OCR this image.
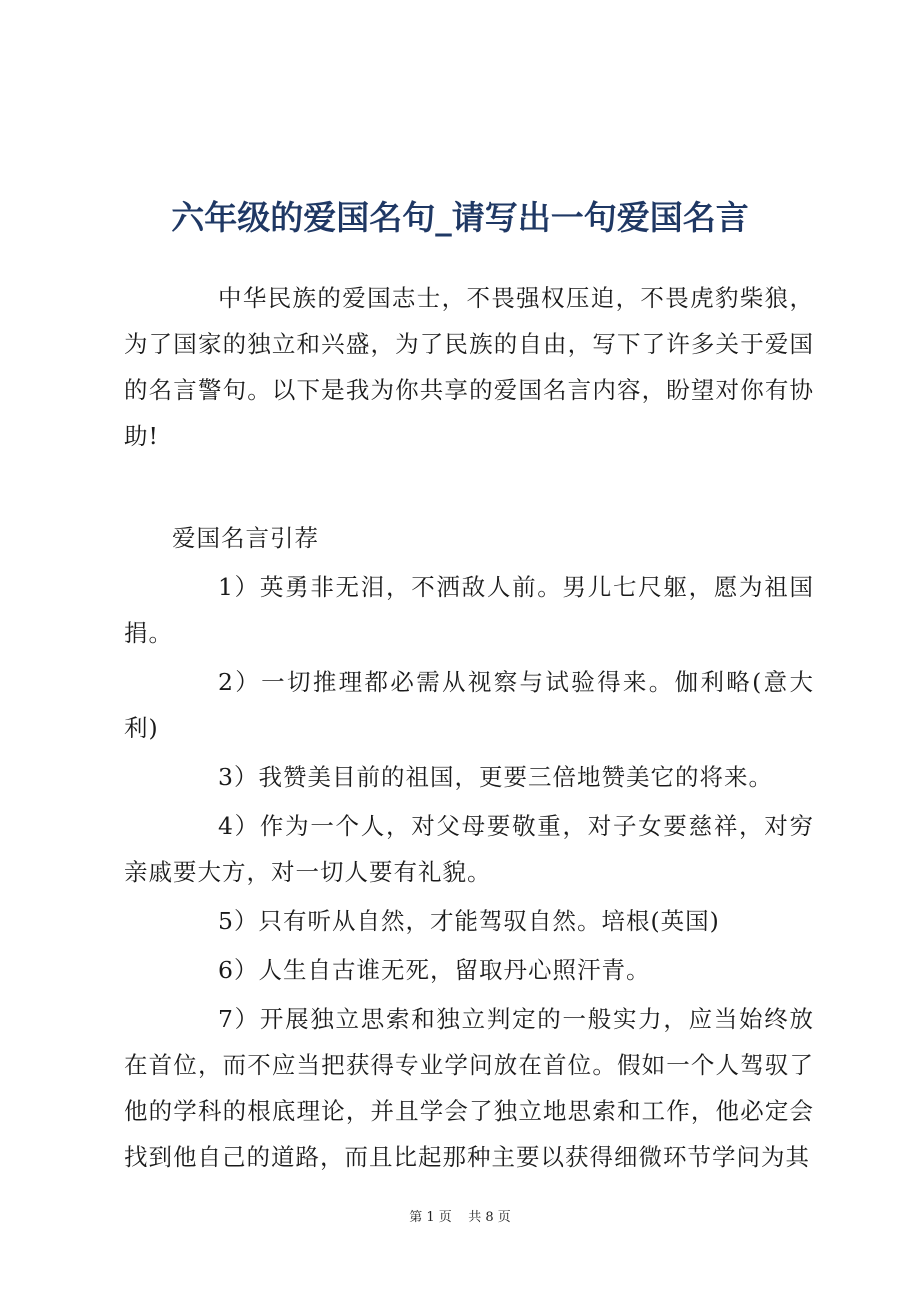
六年级的爱国名句_请写出一句爱国名言
中华民族的爱国志士，不畏强权压迫，不畏虎豹柴狼，为了国家的独立和兴盛，为了民族的自由，写下了许多关于爱国的名言警句。以下是我为你共享的爱国名言内容，盼望对你有协助!
爱国名言引荐

1）英勇非无泪，不洒敌人前。男儿七尺躯，愿为祖国捐。

2）一切推理都必需从视察与试验得来。伽利略(意大利)

3）我赞美目前的祖国，更要三倍地赞美它的将来。

4）作为一个人，对父母要敬重，对子女要慈祥，对穷亲戚要大方，对一切人要有礼貌。

5）只有听从自然，才能驾驭自然。培根(英国)

6）人生自古谁无死，留取丹心照汗青。

7）开展独立思索和独立判定的一般实力，应当始终放在首位，而不应当把获得专业学问放在首位。假如一个人驾驭了他的学科的根底理论，并且学会了独立地思索和工作，他必定会找到他自己的道路，而且比起那种主要以获得细微环节学问为其

第 1 页    共 8 页
